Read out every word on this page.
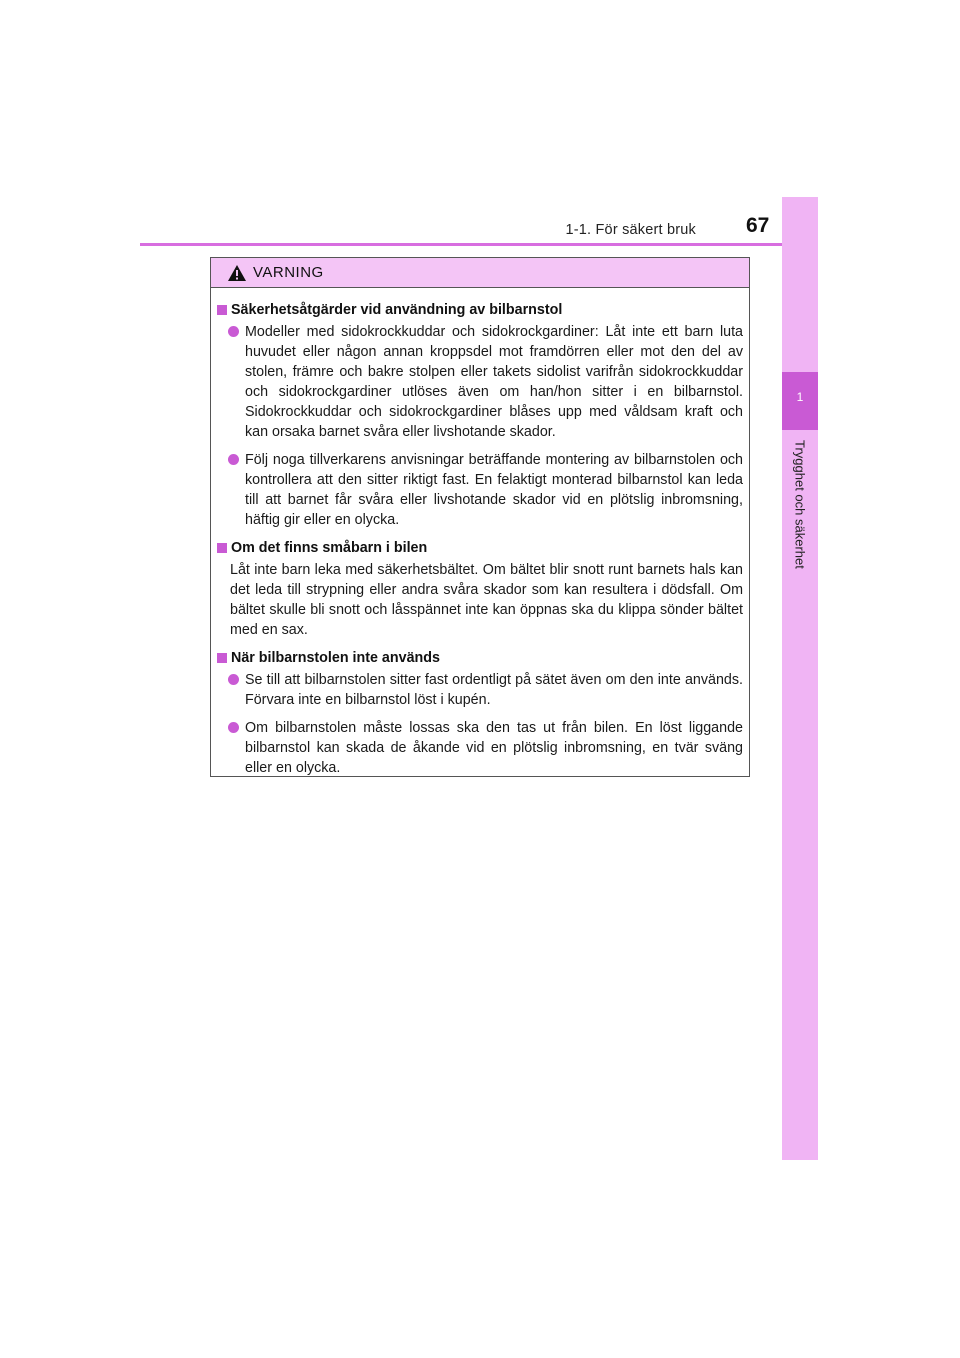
1-1. För säkert bruk 67
1
Trygghet och säkerhet
VARNING
Säkerhetsåtgärder vid användning av bilbarnstol
Modeller med sidokrockkuddar och sidokrockgardiner: Låt inte ett barn luta huvudet eller någon annan kroppsdel mot framdörren eller mot den del av stolen, främre och bakre stolpen eller takets sidolist varifrån sidokrockkuddar och sidokrockgardiner utlöses även om han/hon sitter i en bilbarnstol. Sidokrockkuddar och sidokrockgardiner blåses upp med våldsam kraft och kan orsaka barnet svåra eller livshotande skador.
Följ noga tillverkarens anvisningar beträffande montering av bilbarnstolen och kontrollera att den sitter riktigt fast. En felaktigt monterad bilbarnstol kan leda till att barnet får svåra eller livshotande skador vid en plötslig inbromsning, häftig gir eller en olycka.
Om det finns småbarn i bilen
Låt inte barn leka med säkerhetsbältet. Om bältet blir snott runt barnets hals kan det leda till strypning eller andra svåra skador som kan resultera i dödsfall. Om bältet skulle bli snott och låsspännet inte kan öppnas ska du klippa sönder bältet med en sax.
När bilbarnstolen inte används
Se till att bilbarnstolen sitter fast ordentligt på sätet även om den inte används. Förvara inte en bilbarnstol löst i kupén.
Om bilbarnstolen måste lossas ska den tas ut från bilen. En löst liggande bilbarnstol kan skada de åkande vid en plötslig inbromsning, en tvär sväng eller en olycka.
